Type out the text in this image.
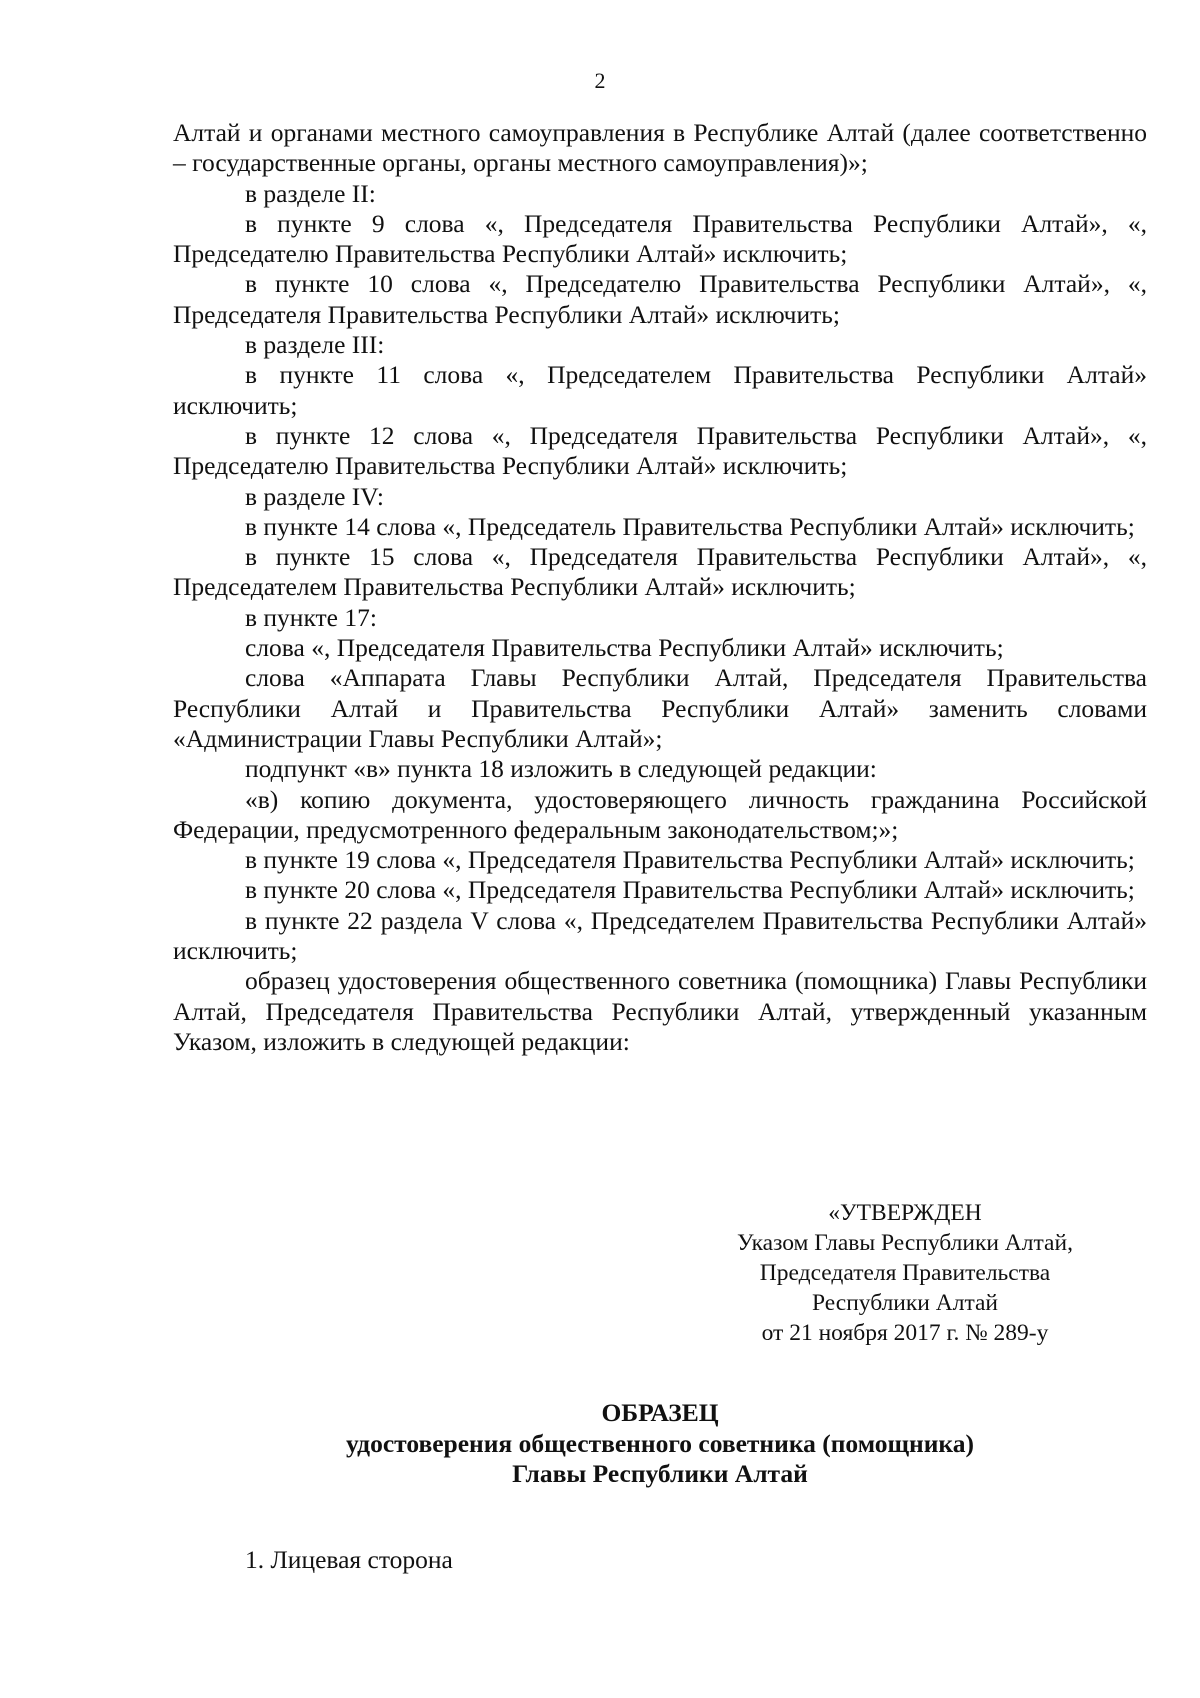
2

Алтай и органами местного самоуправления в Республике Алтай (далее соответственно – государственные органы, органы местного самоуправления)»;

в разделе II:

в пункте 9 слова «, Председателя Правительства Республики Алтай», «, Председателю Правительства Республики Алтай» исключить;

в пункте 10 слова «, Председателю Правительства Республики Алтай», «, Председателя Правительства Республики Алтай» исключить;

в разделе III:

в пункте 11 слова «, Председателем Правительства Республики Алтай» исключить;

в пункте 12 слова «, Председателя Правительства Республики Алтай», «, Председателю Правительства Республики Алтай» исключить;

в разделе IV:

в пункте 14 слова «, Председатель Правительства Республики Алтай» исключить;

в пункте 15 слова «, Председателя Правительства Республики Алтай», «, Председателем Правительства Республики Алтай» исключить;

в пункте 17:

слова «, Председателя Правительства Республики Алтай» исключить;

слова «Аппарата Главы Республики Алтай, Председателя Правительства Республики Алтай и Правительства Республики Алтай» заменить словами «Администрации Главы Республики Алтай»;

подпункт «в» пункта 18 изложить в следующей редакции:

«в) копию документа, удостоверяющего личность гражданина Российской Федерации, предусмотренного федеральным законодательством;»;

в пункте 19 слова «, Председателя Правительства Республики Алтай» исключить;

в пункте 20 слова «, Председателя Правительства Республики Алтай» исключить;

в пункте 22 раздела V слова «, Председателем Правительства Республики Алтай» исключить;

образец удостоверения общественного советника (помощника) Главы Республики Алтай, Председателя Правительства Республики Алтай, утвержденный указанным Указом, изложить в следующей редакции:

«УТВЕРЖДЕН
Указом Главы Республики Алтай,
Председателя Правительства
Республики Алтай
от 21 ноября 2017 г. № 289-у
ОБРАЗЕЦ
удостоверения общественного советника (помощника)
Главы Республики Алтай
1. Лицевая сторона
